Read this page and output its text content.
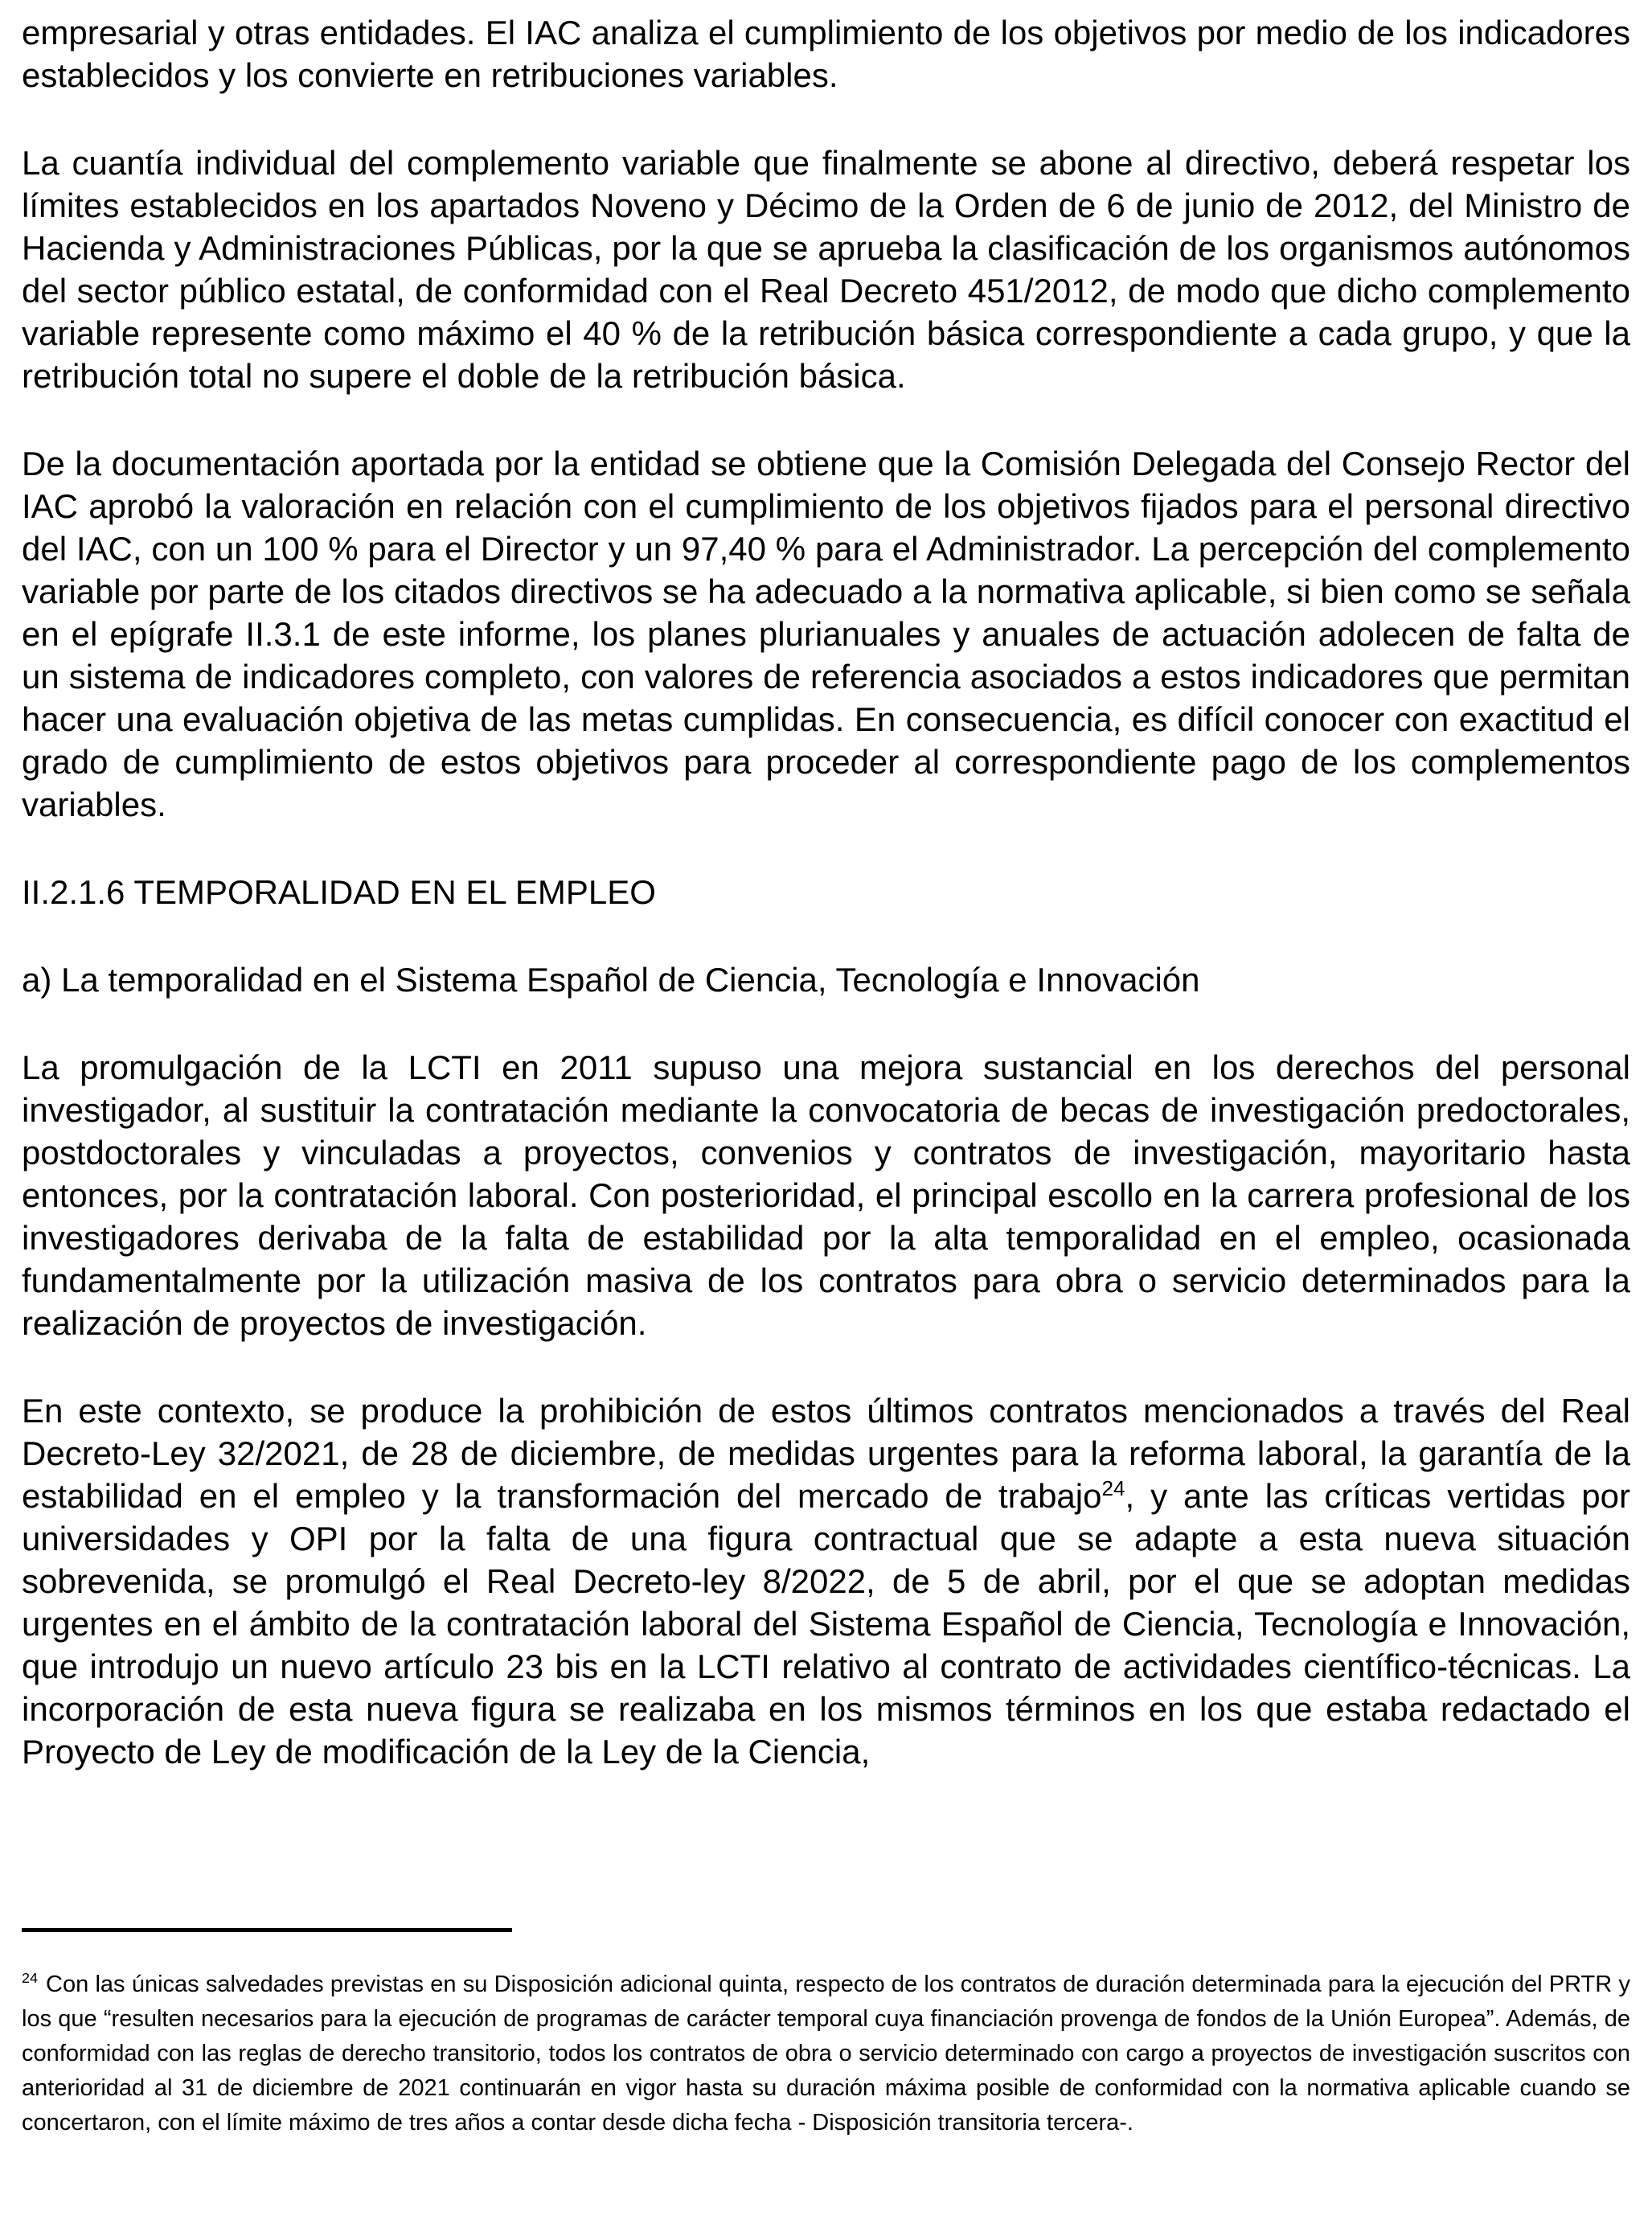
empresarial y otras entidades. El IAC analiza el cumplimiento de los objetivos por medio de los indicadores establecidos y los convierte en retribuciones variables.

La cuantía individual del complemento variable que finalmente se abone al directivo, deberá respetar los límites establecidos en los apartados Noveno y Décimo de la Orden de 6 de junio de 2012, del Ministro de Hacienda y Administraciones Públicas, por la que se aprueba la clasificación de los organismos autónomos del sector público estatal, de conformidad con el Real Decreto 451/2012, de modo que dicho complemento variable represente como máximo el 40 % de la retribución básica correspondiente a cada grupo, y que la retribución total no supere el doble de la retribución básica.

De la documentación aportada por la entidad se obtiene que la Comisión Delegada del Consejo Rector del IAC aprobó la valoración en relación con el cumplimiento de los objetivos fijados para el personal directivo del IAC, con un 100 % para el Director y un 97,40 % para el Administrador. La percepción del complemento variable por parte de los citados directivos se ha adecuado a la normativa aplicable, si bien como se señala en el epígrafe II.3.1 de este informe, los planes plurianuales y anuales de actuación adolecen de falta de un sistema de indicadores completo, con valores de referencia asociados a estos indicadores que permitan hacer una evaluación objetiva de las metas cumplidas. En consecuencia, es difícil conocer con exactitud el grado de cumplimiento de estos objetivos para proceder al correspondiente pago de los complementos variables.

II.2.1.6 TEMPORALIDAD EN EL EMPLEO

a) La temporalidad en el Sistema Español de Ciencia, Tecnología e Innovación

La promulgación de la LCTI en 2011 supuso una mejora sustancial en los derechos del personal investigador, al sustituir la contratación mediante la convocatoria de becas de investigación predoctorales, postdoctorales y vinculadas a proyectos, convenios y contratos de investigación, mayoritario hasta entonces, por la contratación laboral. Con posterioridad, el principal escollo en la carrera profesional de los investigadores derivaba de la falta de estabilidad por la alta temporalidad en el empleo, ocasionada fundamentalmente por la utilización masiva de los contratos para obra o servicio determinados para la realización de proyectos de investigación.

En este contexto, se produce la prohibición de estos últimos contratos mencionados a través del Real Decreto-Ley 32/2021, de 28 de diciembre, de medidas urgentes para la reforma laboral, la garantía de la estabilidad en el empleo y la transformación del mercado de trabajo$^{24}$, y ante las críticas vertidas por universidades y OPI por la falta de una figura contractual que se adapte a esta nueva situación sobrevenida, se promulgó el Real Decreto-ley 8/2022, de 5 de abril, por el que se adoptan medidas urgentes en el ámbito de la contratación laboral del Sistema Español de Ciencia, Tecnología e Innovación, que introdujo un nuevo artículo 23 bis en la LCTI relativo al contrato de actividades científico-técnicas. La incorporación de esta nueva figura se realizaba en los mismos términos en los que estaba redactado el Proyecto de Ley de modificación de la Ley de la Ciencia,

$^{24}$ Con las únicas salvedades previstas en su Disposición adicional quinta, respecto de los contratos de duración determinada para la ejecución del PRTR y los que “resulten necesarios para la ejecución de programas de carácter temporal cuya financiación provenga de fondos de la Unión Europea”. Además, de conformidad con las reglas de derecho transitorio, todos los contratos de obra o servicio determinado con cargo a proyectos de investigación suscritos con anterioridad al 31 de diciembre de 2021 continuarán en vigor hasta su duración máxima posible de conformidad con la normativa aplicable cuando se concertaron, con el límite máximo de tres años a contar desde dicha fecha - Disposición transitoria tercera-.
